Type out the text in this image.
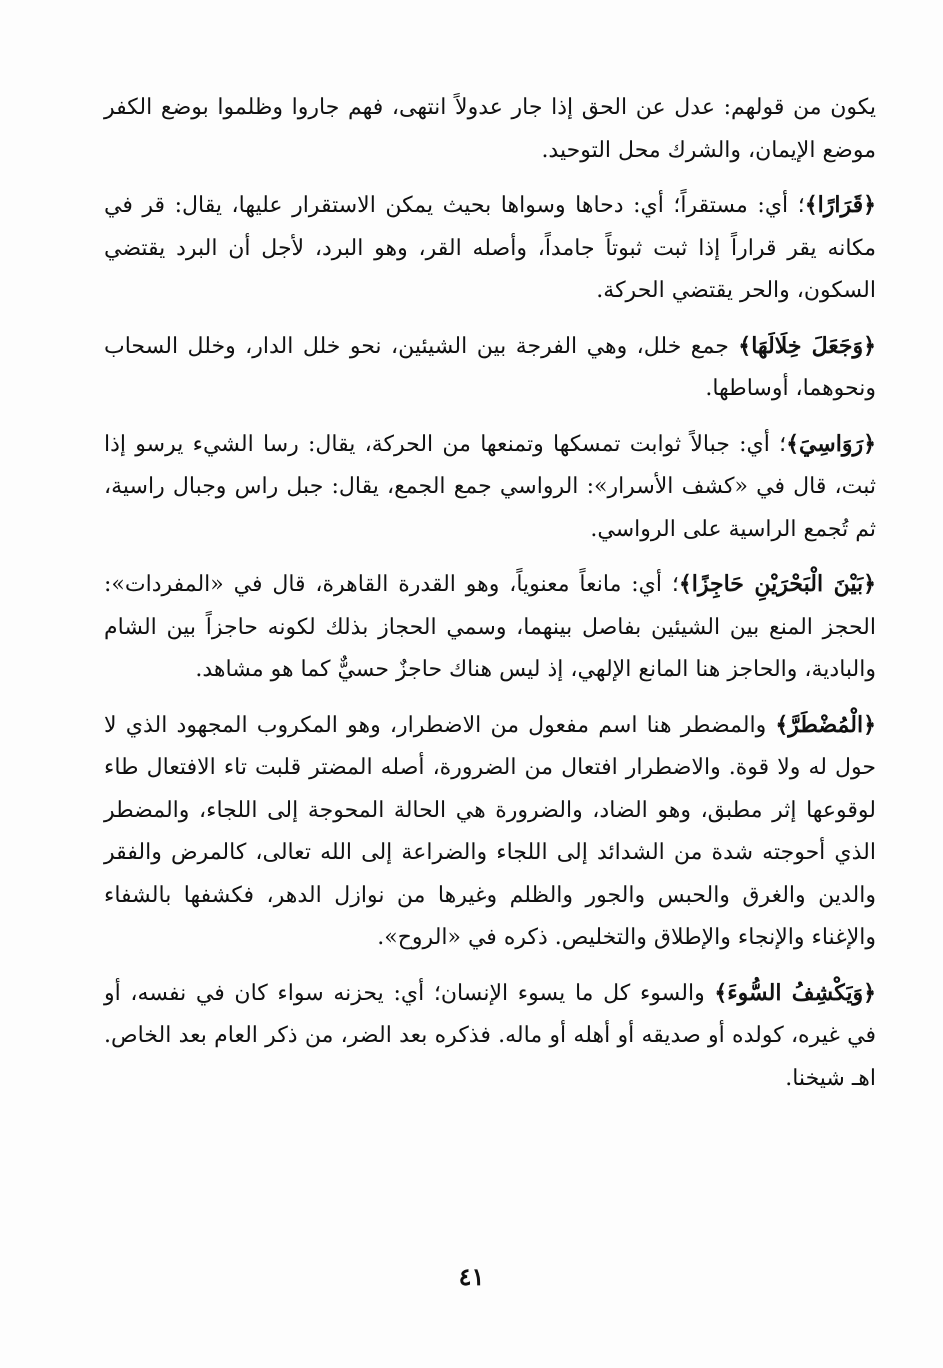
يكون من قولهم: عدل عن الحق إذا جار عدولاً انتهى، فهم جاروا وظلموا بوضع الكفر موضع الإيمان، والشرك محل التوحيد.

﴿قَرَارًا﴾؛ أي: مستقراً؛ أي: دحاها وسواها بحيث يمكن الاستقرار عليها، يقال: قر في مكانه يقر قراراً إذا ثبت ثبوتاً جامداً، وأصله القر، وهو البرد، لأجل أن البرد يقتضي السكون، والحر يقتضي الحركة.

﴿وَجَعَلَ خِلَالَهَا﴾ جمع خلل، وهي الفرجة بين الشيئين، نحو خلل الدار، وخلل السحاب ونحوهما، أوساطها.

﴿رَوَاسِيَ﴾؛ أي: جبالاً ثوابت تمسكها وتمنعها من الحركة، يقال: رسا الشيء يرسو إذا ثبت، قال في «كشف الأسرار»: الرواسي جمع الجمع، يقال: جبل راس وجبال راسية، ثم تُجمع الراسية على الرواسي.

﴿بَيْنَ الْبَحْرَيْنِ حَاجِزًا﴾؛ أي: مانعاً معنوياً، وهو القدرة القاهرة، قال في «المفردات»: الحجز المنع بين الشيئين بفاصل بينهما، وسمي الحجاز بذلك لكونه حاجزاً بين الشام والبادية، والحاجز هنا المانع الإلهي، إذ ليس هناك حاجزٌ حسيٌّ كما هو مشاهد.

﴿الْمُضْطَرَّ﴾ والمضطر هنا اسم مفعول من الاضطرار، وهو المكروب المجهود الذي لا حول له ولا قوة. والاضطرار افتعال من الضرورة، أصله المضتر قلبت تاء الافتعال طاء لوقوعها إثر مطبق، وهو الضاد، والضرورة هي الحالة المحوجة إلى اللجاء، والمضطر الذي أحوجته شدة من الشدائد إلى اللجاء والضراعة إلى الله تعالى، كالمرض والفقر والدين والغرق والحبس والجور والظلم وغيرها من نوازل الدهر، فكشفها بالشفاء والإغناء والإنجاء والإطلاق والتخليص. ذكره في «الروح».

﴿وَيَكْشِفُ السُّوءَ﴾ والسوء كل ما يسوء الإنسان؛ أي: يحزنه سواء كان في نفسه، أو في غيره، كولده أو صديقه أو أهله أو ماله. فذكره بعد الضر، من ذكر العام بعد الخاص. اهـ شيخنا.

٤١
